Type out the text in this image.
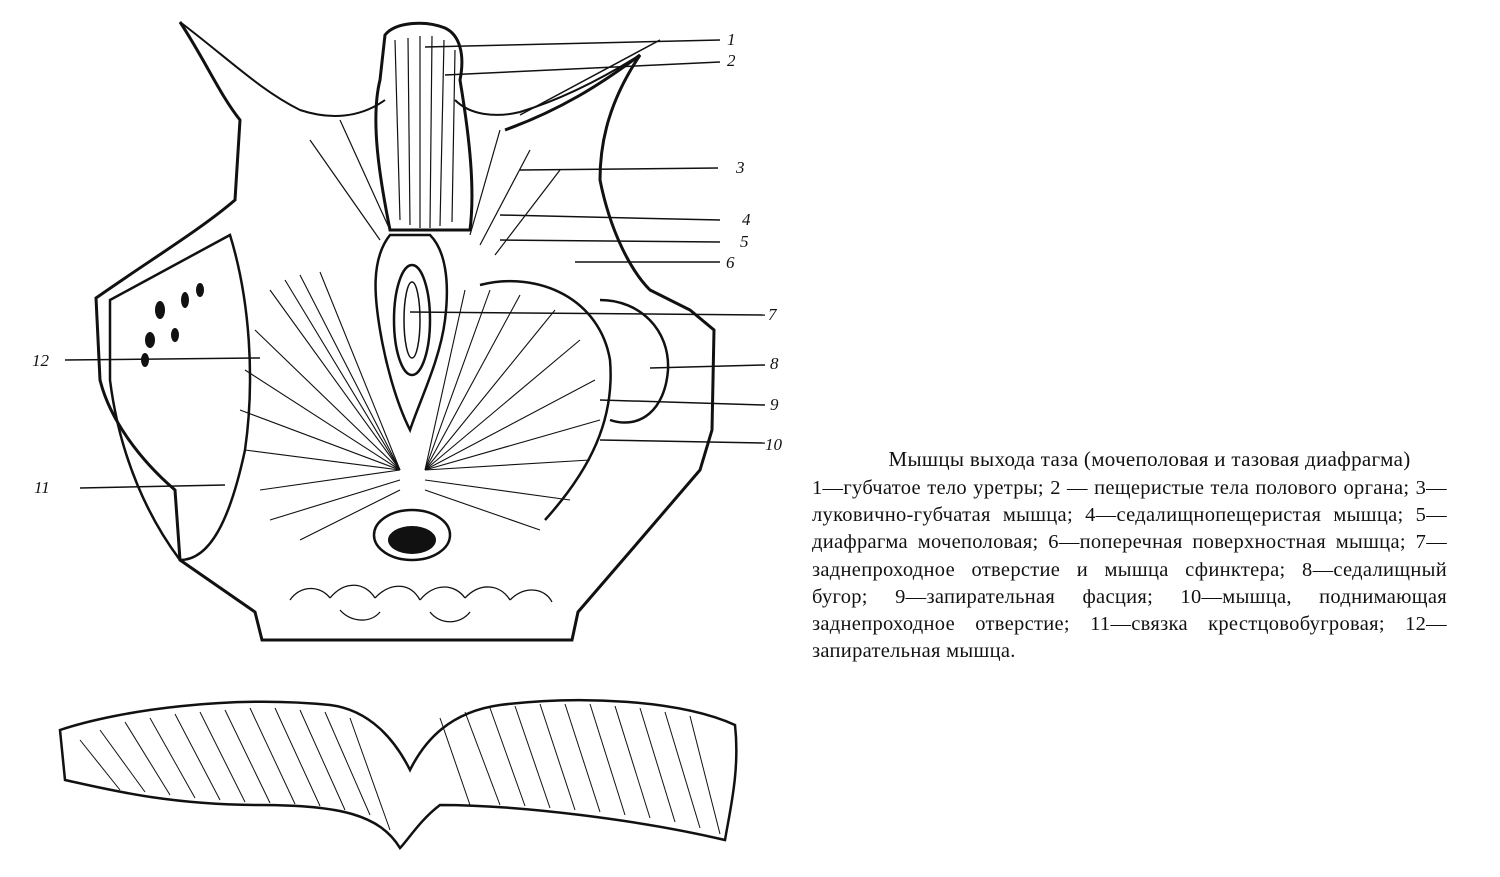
1
2
3
4
5
6
7
8
9
10
11
12

Мышцы выхода таза (мочеполовая и тазовая диафрагма)

1—губчатое тело уретры; 2 — пещеристые тела полового органа; 3—луковично-губчатая мышца; 4—седалищнопещеристая мышца; 5—диафрагма мочеполовая; 6—поперечная поверхностная мышца; 7—заднепроходное отверстие и мышца сфинктера; 8—седалищный бугор; 9—запирательная фасция; 10—мышца, поднимающая заднепроходное отверстие; 11—связка крестцовобугровая; 12—запирательная мышца.
